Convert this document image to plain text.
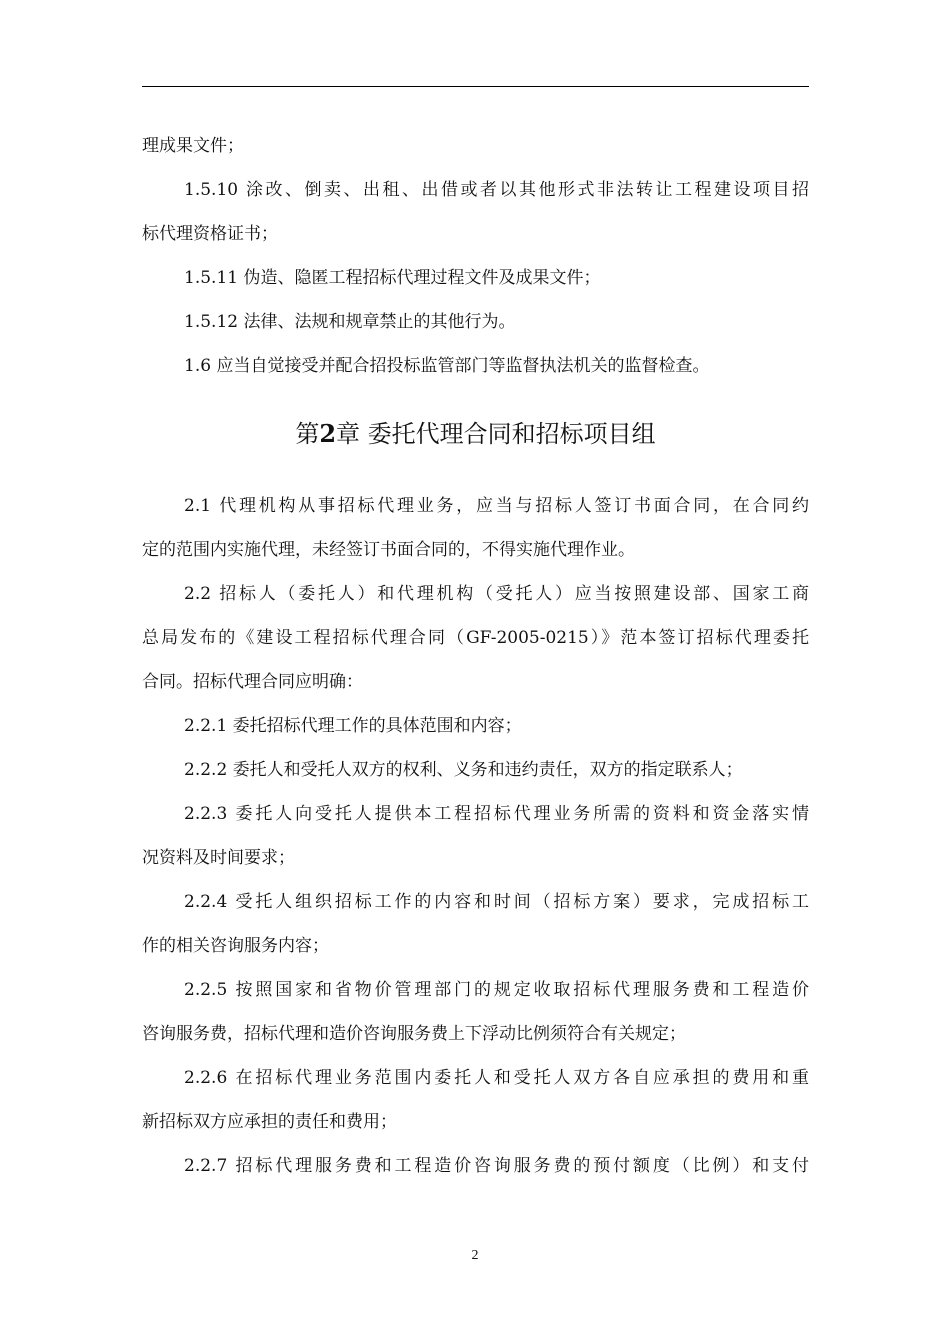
理成果文件；
1.5.10 涂改、倒卖、出租、出借或者以其他形式非法转让工程建设项目招
标代理资格证书；
1.5.11 伪造、隐匿工程招标代理过程文件及成果文件；
1.5.12 法律、法规和规章禁止的其他行为。
1.6 应当自觉接受并配合招投标监管部门等监督执法机关的监督检查。
第2章 委托代理合同和招标项目组
2.1 代理机构从事招标代理业务，应当与招标人签订书面合同，在合同约
定的范围内实施代理，未经签订书面合同的，不得实施代理作业。
2.2 招标人（委托人）和代理机构（受托人）应当按照建设部、国家工商
总局发布的《建设工程招标代理合同（GF-2005-0215）》范本签订招标代理委托
合同。招标代理合同应明确：
2.2.1 委托招标代理工作的具体范围和内容；
2.2.2 委托人和受托人双方的权利、义务和违约责任，双方的指定联系人；
2.2.3 委托人向受托人提供本工程招标代理业务所需的资料和资金落实情
况资料及时间要求；
2.2.4 受托人组织招标工作的内容和时间（招标方案）要求，完成招标工
作的相关咨询服务内容；
2.2.5 按照国家和省物价管理部门的规定收取招标代理服务费和工程造价
咨询服务费，招标代理和造价咨询服务费上下浮动比例须符合有关规定；
2.2.6 在招标代理业务范围内委托人和受托人双方各自应承担的费用和重
新招标双方应承担的责任和费用；
2.2.7 招标代理服务费和工程造价咨询服务费的预付额度（比例）和支付
2
